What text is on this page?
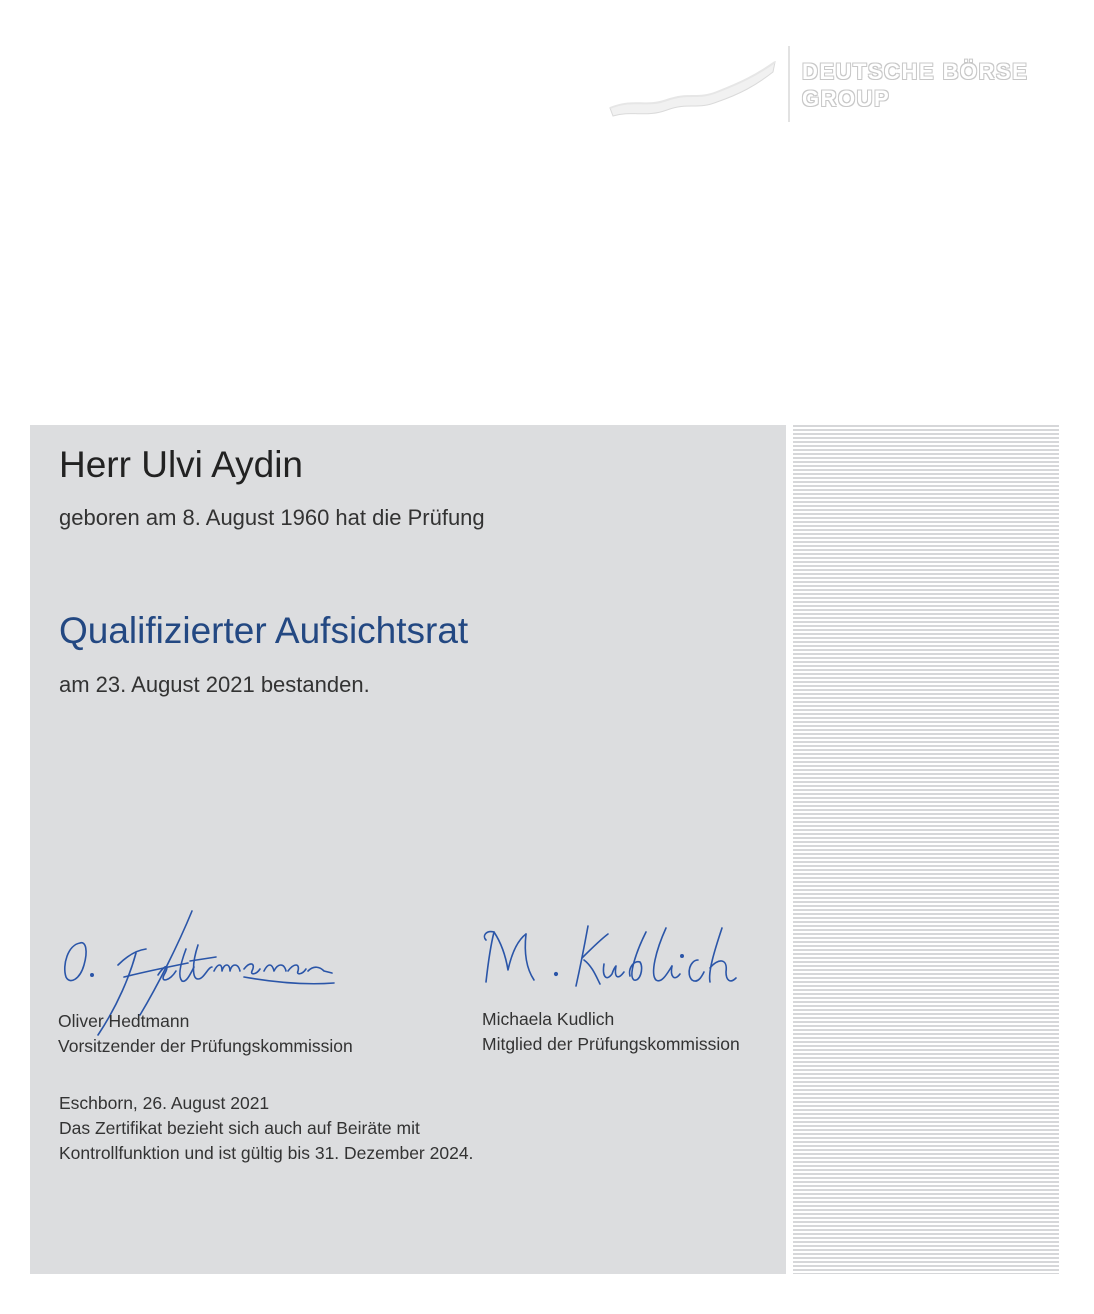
DEUTSCHE BÖRSE
GROUP
Herr Ulvi Aydin
geboren am 8. August 1960 hat die Prüfung
Qualifizierter Aufsichtsrat
am 23. August 2021 bestanden.
Oliver Hedtmann
Vorsitzender der Prüfungskommission
Michaela Kudlich
Mitglied der Prüfungskommission
Eschborn, 26. August 2021
Das Zertifikat bezieht sich auch auf Beiräte mit
Kontrollfunktion und ist gültig bis 31. Dezember 2024.
